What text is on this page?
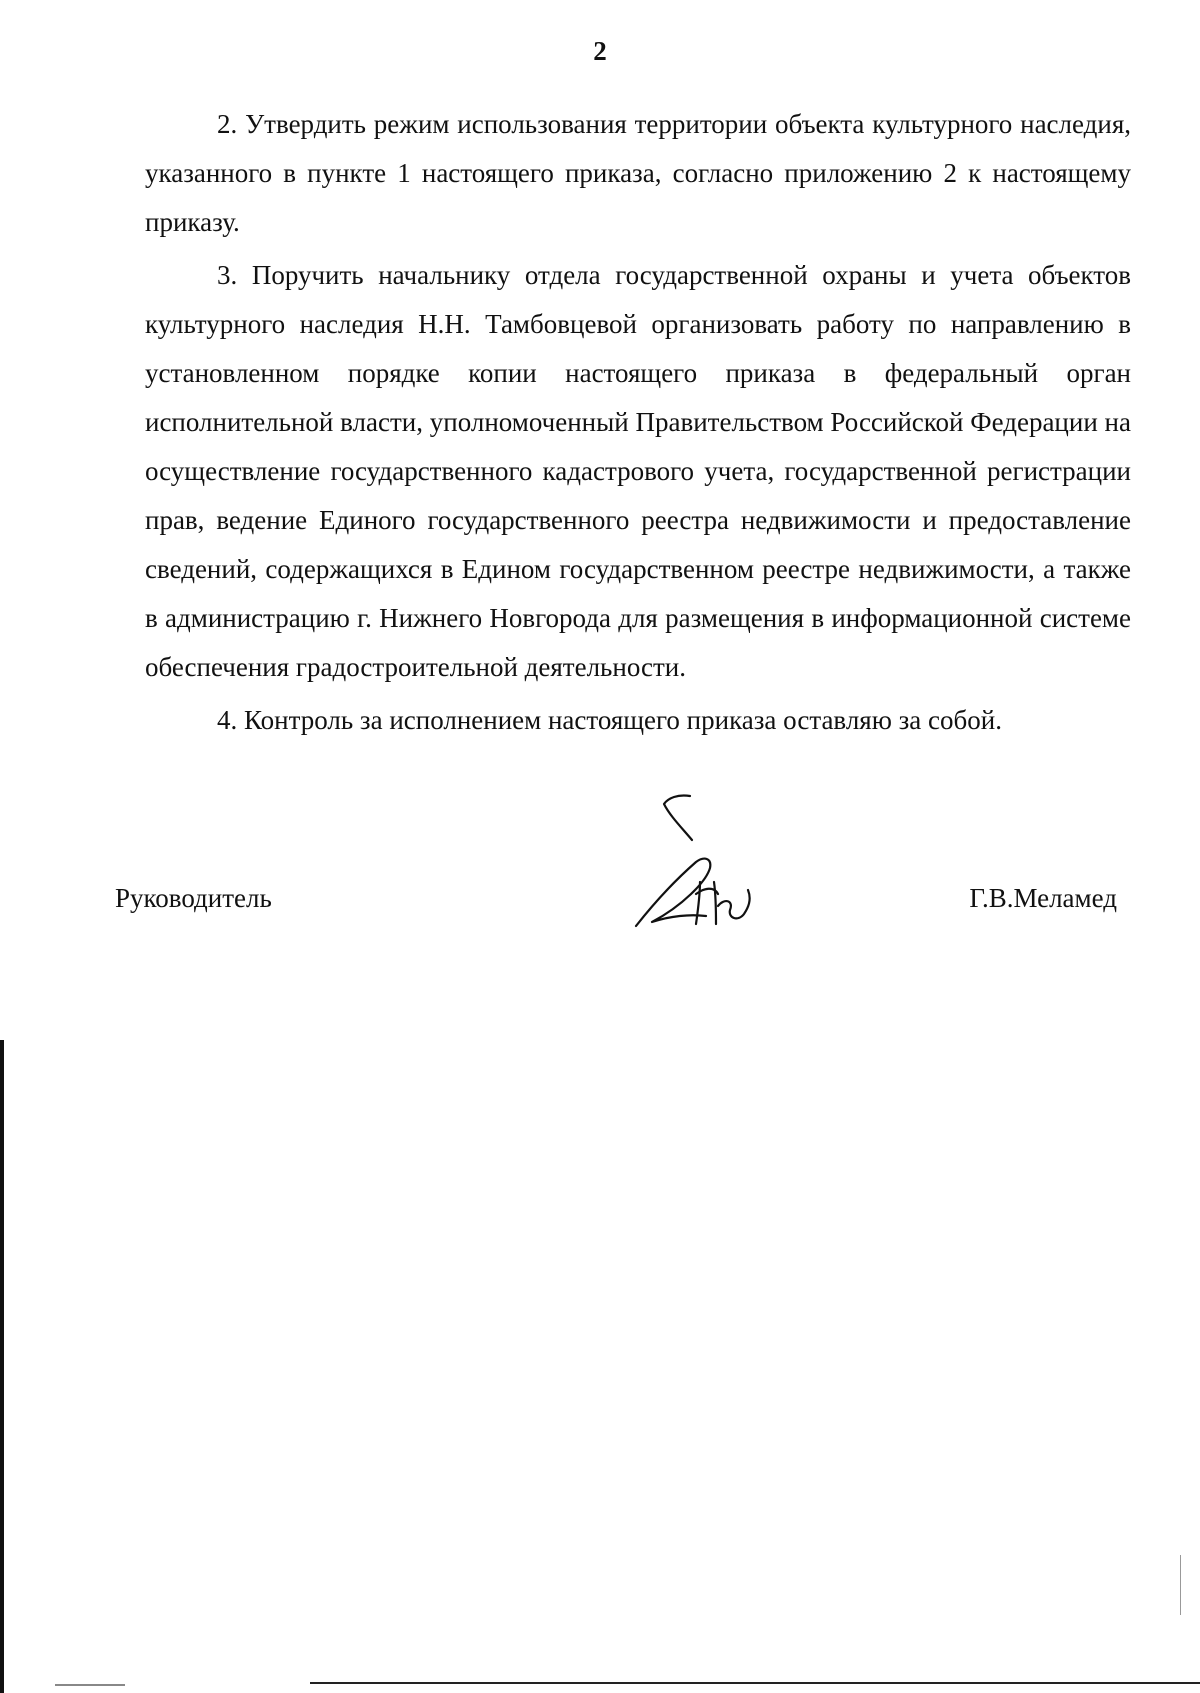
2

2. Утвердить режим использования территории объекта культурного наследия, указанного в пункте 1 настоящего приказа, согласно приложению 2 к настоящему приказу.

3. Поручить начальнику отдела государственной охраны и учета объектов культурного наследия Н.Н. Тамбовцевой организовать работу по направлению в установленном порядке копии настоящего приказа в федеральный орган исполнительной власти, уполномоченный Правительством Российской Федерации на осуществление государственного кадастрового учета, государственной регистрации прав, ведение Единого государственного реестра недвижимости и предоставление сведений, содержащихся в Едином государственном реестре недвижимости, а также в администрацию г. Нижнего Новгорода для размещения в информационной системе обеспечения градостроительной деятельности.

4. Контроль за исполнением настоящего приказа оставляю за собой.

Руководитель	Г.В.Меламед
